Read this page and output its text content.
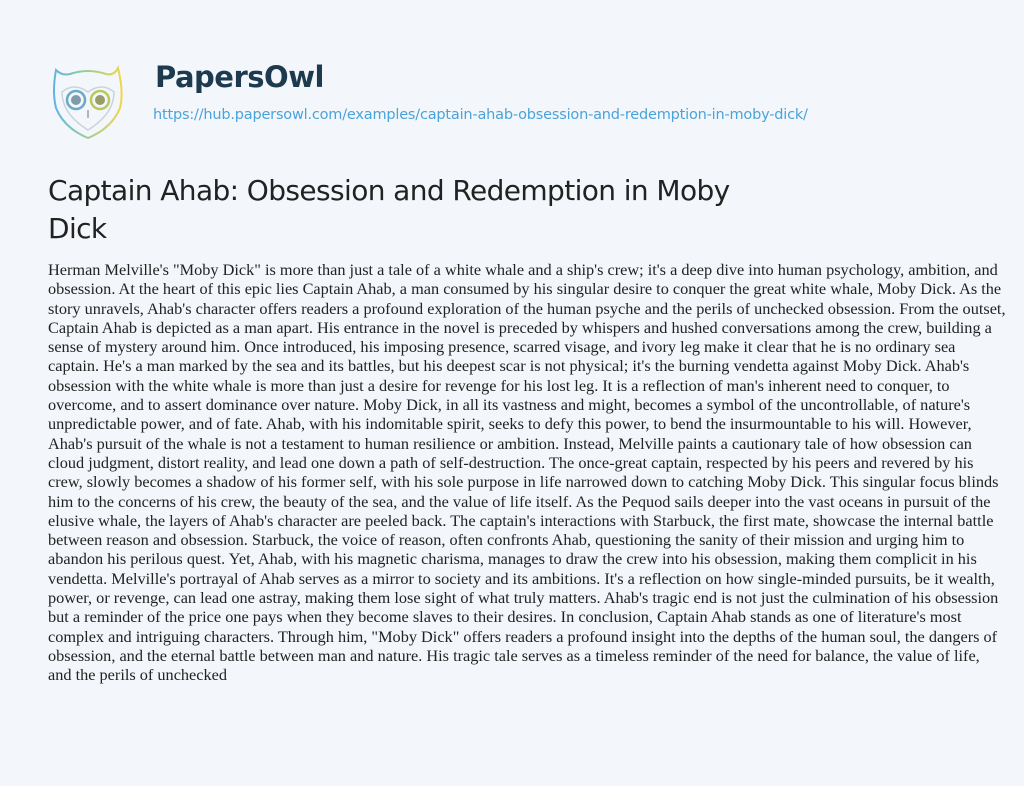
PapersOwl
https://hub.papersowl.com/examples/captain-ahab-obsession-and-redemption-in-moby-dick/
Captain Ahab: Obsession and Redemption in Moby Dick

Herman Melville's "Moby Dick" is more than just a tale of a white whale and a ship's crew; it's a deep dive into human psychology, ambition, and obsession. At the heart of this epic lies Captain Ahab, a man consumed by his singular desire to conquer the great white whale, Moby Dick. As the story unravels, Ahab's character offers readers a profound exploration of the human psyche and the perils of unchecked obsession. From the outset, Captain Ahab is depicted as a man apart. His entrance in the novel is preceded by whispers and hushed conversations among the crew, building a sense of mystery around him. Once introduced, his imposing presence, scarred visage, and ivory leg make it clear that he is no ordinary sea captain. He's a man marked by the sea and its battles, but his deepest scar is not physical; it's the burning vendetta against Moby Dick. Ahab's obsession with the white whale is more than just a desire for revenge for his lost leg. It is a reflection of man's inherent need to conquer, to overcome, and to assert dominance over nature. Moby Dick, in all its vastness and might, becomes a symbol of the uncontrollable, of nature's unpredictable power, and of fate. Ahab, with his indomitable spirit, seeks to defy this power, to bend the insurmountable to his will. However, Ahab's pursuit of the whale is not a testament to human resilience or ambition. Instead, Melville paints a cautionary tale of how obsession can cloud judgment, distort reality, and lead one down a path of self-destruction. The once-great captain, respected by his peers and revered by his crew, slowly becomes a shadow of his former self, with his sole purpose in life narrowed down to catching Moby Dick. This singular focus blinds him to the concerns of his crew, the beauty of the sea, and the value of life itself. As the Pequod sails deeper into the vast oceans in pursuit of the elusive whale, the layers of Ahab's character are peeled back. The captain's interactions with Starbuck, the first mate, showcase the internal battle between reason and obsession. Starbuck, the voice of reason, often confronts Ahab, questioning the sanity of their mission and urging him to abandon his perilous quest. Yet, Ahab, with his magnetic charisma, manages to draw the crew into his obsession, making them complicit in his vendetta. Melville's portrayal of Ahab serves as a mirror to society and its ambitions. It's a reflection on how single-minded pursuits, be it wealth, power, or revenge, can lead one astray, making them lose sight of what truly matters. Ahab's tragic end is not just the culmination of his obsession but a reminder of the price one pays when they become slaves to their desires. In conclusion, Captain Ahab stands as one of literature's most complex and intriguing characters. Through him, "Moby Dick" offers readers a profound insight into the depths of the human soul, the dangers of obsession, and the eternal battle between man and nature. His tragic tale serves as a timeless reminder of the need for balance, the value of life, and the perils of unchecked
